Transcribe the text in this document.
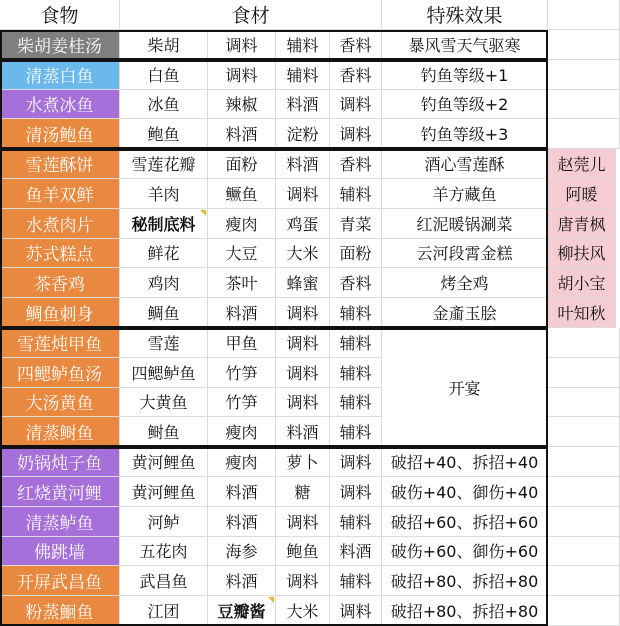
食物	食材	特殊效果
柴胡姜桂汤	柴胡	调料	辅料	香料	暴风雪天气驱寒
清蒸白鱼	白鱼	调料	辅料	香料	钓鱼等级+1
水煮冰鱼	冰鱼	辣椒	料酒	调料	钓鱼等级+2
清汤鲍鱼	鲍鱼	料酒	淀粉	调料	钓鱼等级+3
雪莲酥饼	雪莲花瓣	面粉	料酒	香料	酒心雪莲酥	赵莞儿
鱼羊双鲜	羊肉	鳜鱼	调料	辅料	羊方藏鱼	阿暖
水煮肉片	秘制底料	瘦肉	鸡蛋	青菜	红泥暖锅涮菜	唐青枫
苏式糕点	鲜花	大豆	大米	面粉	云河段霄金糕	柳扶风
茶香鸡	鸡肉	茶叶	蜂蜜	香料	烤全鸡	胡小宝
鲷鱼刺身	鲷鱼	料酒	调料	辅料	金齑玉脍	叶知秋
雪莲炖甲鱼	雪莲	甲鱼	调料	辅料
四鳃鲈鱼汤	四鳃鲈鱼	竹笋	调料	辅料
大汤黄鱼	大黄鱼	竹笋	调料	辅料
清蒸鲥鱼	鲥鱼	瘦肉	料酒	辅料
开宴
奶锅炖子鱼	黄河鲤鱼	瘦肉	萝卜	调料	破招+40、拆招+40
红烧黄河鲤	黄河鲤鱼	料酒	糖	调料	破伤+40、御伤+40
清蒸鲈鱼	河鲈	料酒	调料	辅料	破招+60、拆招+60
佛跳墙	五花肉	海参	鲍鱼	料酒	破伤+60、御伤+60
开屏武昌鱼	武昌鱼	料酒	调料	辅料	破招+80、拆招+80
粉蒸鮰鱼	江团	豆瓣酱	大米	调料	破招+80、拆招+80
